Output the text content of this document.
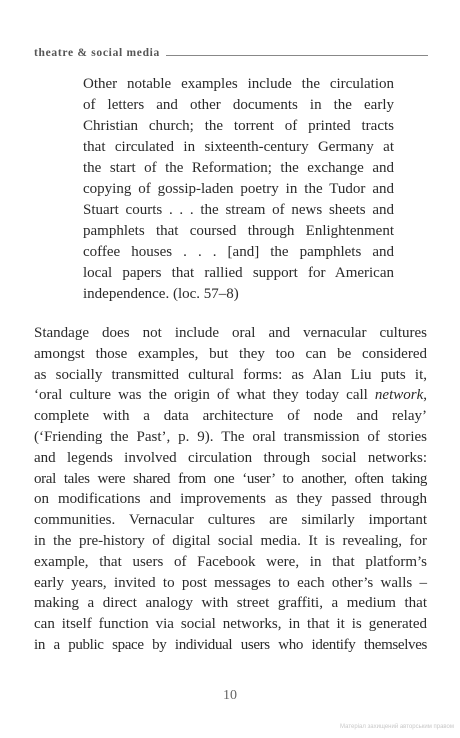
theatre & social media
Other notable examples include the circulation
of letters and other documents in the early
Christian church; the torrent of printed tracts
that circulated in sixteenth-century Germany at
the start of the Reformation; the exchange and
copying of gossip-laden poetry in the Tudor and
Stuart courts . . . the stream of news sheets and
pamphlets that coursed through Enlightenment
coffee houses . . . [and] the pamphlets and
local papers that rallied support for American
independence. (loc. 57–8)
Standage does not include oral and vernacular cultures
amongst those examples, but they too can be considered
as socially transmitted cultural forms: as Alan Liu puts it,
‘oral culture was the origin of what they today call network,
complete with a data architecture of node and relay’
(‘Friending the Past’, p. 9). The oral transmission of stories
and legends involved circulation through social networks:
oral tales were shared from one ‘user’ to another, often taking
on modifications and improvements as they passed through
communities. Vernacular cultures are similarly important
in the pre-history of digital social media. It is revealing, for
example, that users of Facebook were, in that platform’s
early years, invited to post messages to each other’s walls –
making a direct analogy with street graffiti, a medium that
can itself function via social networks, in that it is generated
in a public space by individual users who identify themselves
10
Матеріал захищений авторським правом
